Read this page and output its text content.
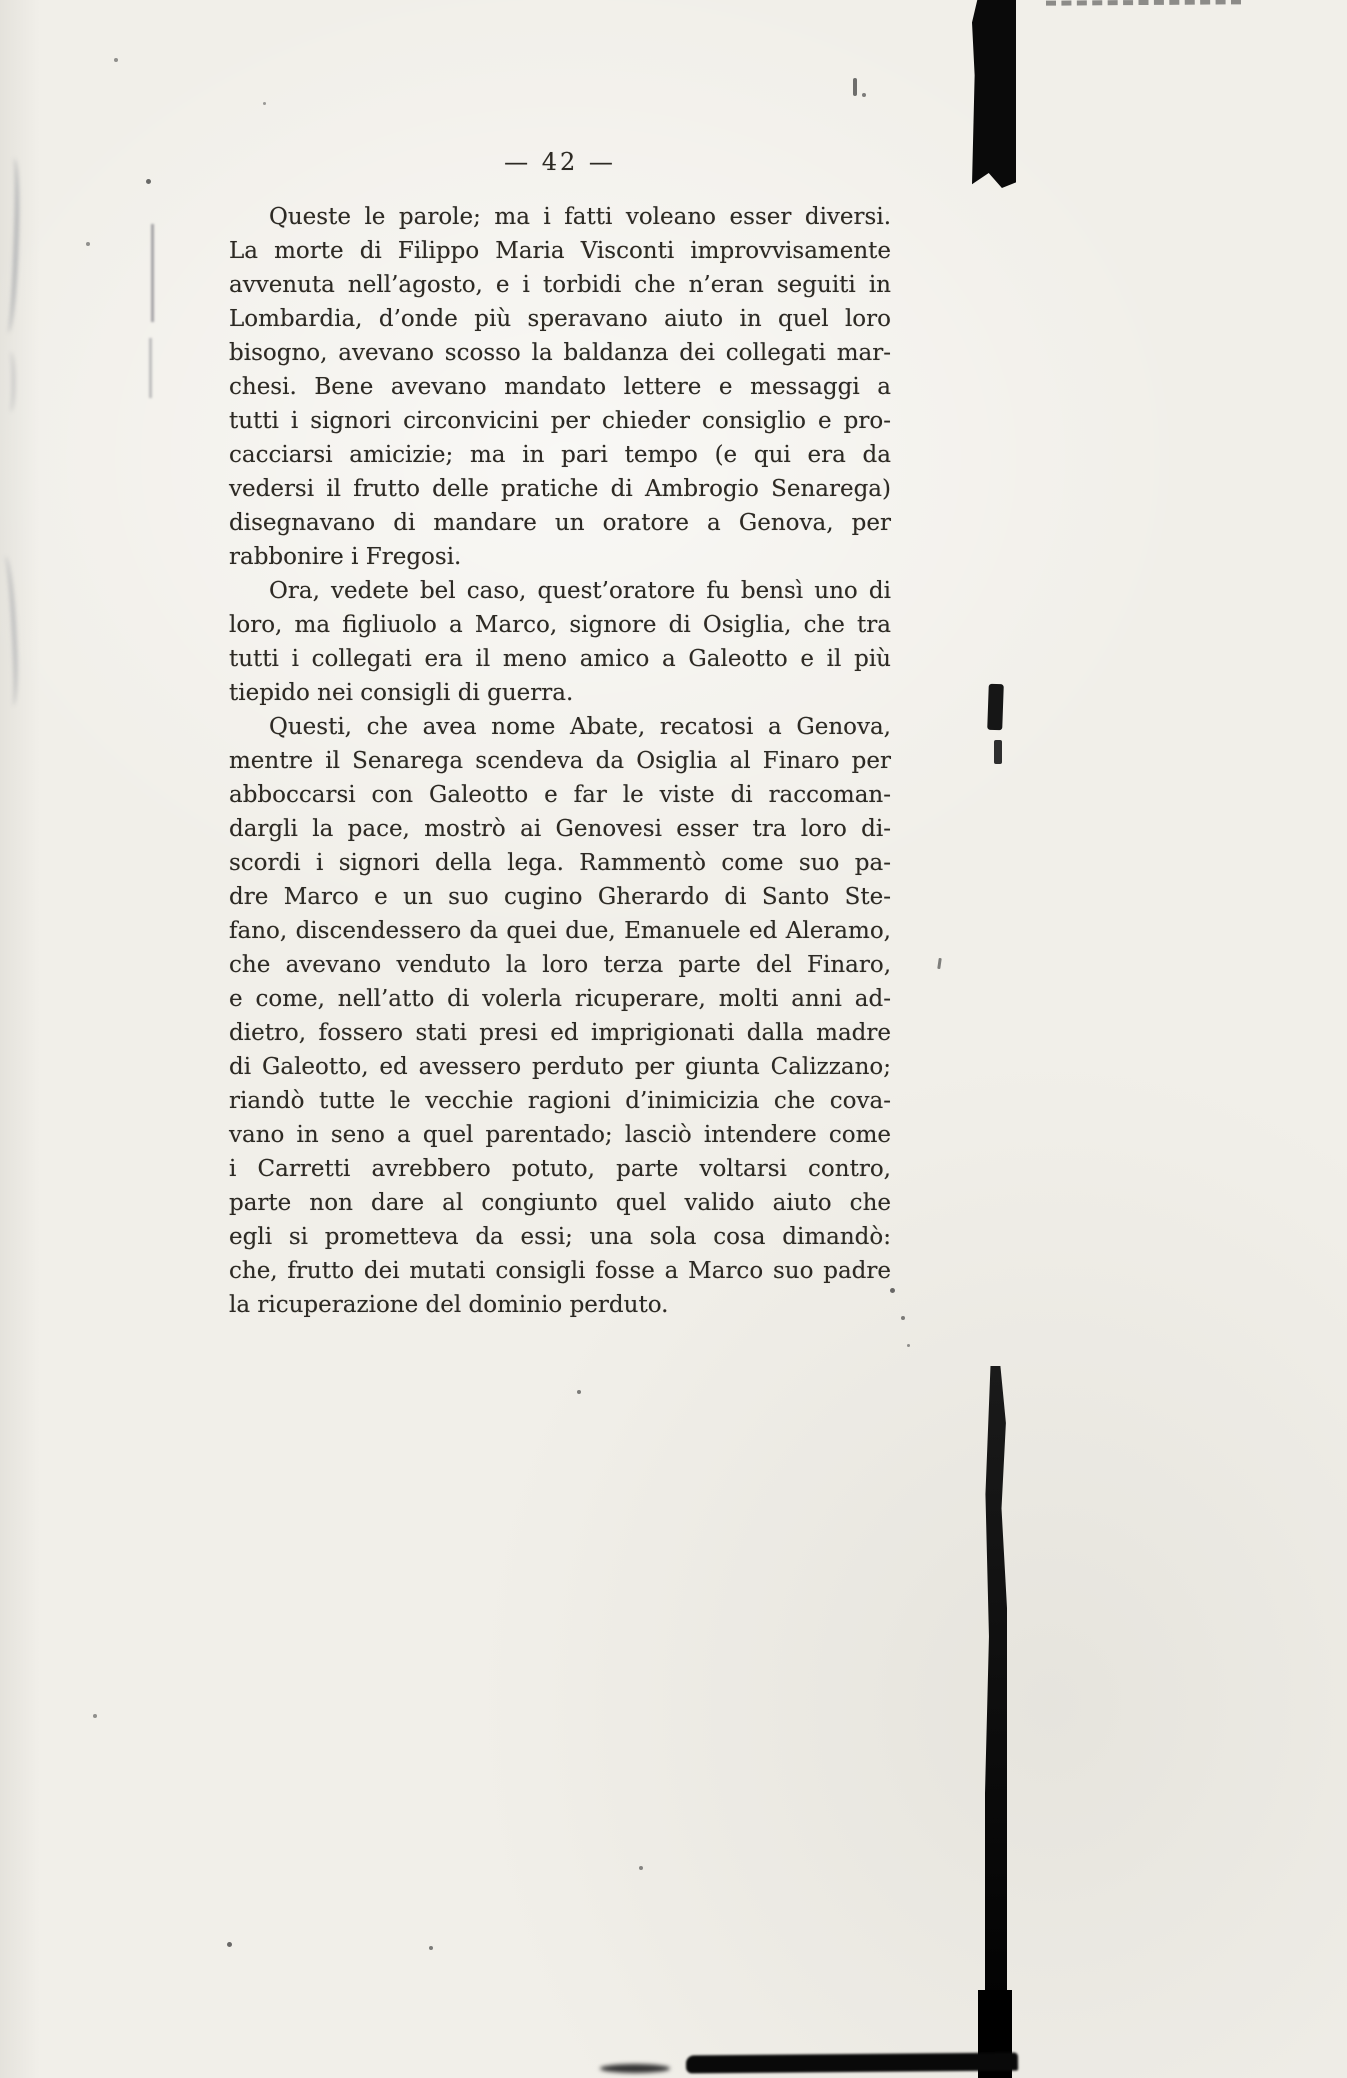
— 42 —
Queste le parole; ma i fatti voleano esser diversi.
La morte di Filippo Maria Visconti improvvisamente
avvenuta nell’agosto, e i torbidi che n’eran seguiti in
Lombardia, d’onde più speravano aiuto in quel loro
bisogno, avevano scosso la baldanza dei collegati mar-
chesi. Bene avevano mandato lettere e messaggi a
tutti i signori circonvicini per chieder consiglio e pro-
cacciarsi amicizie; ma in pari tempo (e qui era da
vedersi il frutto delle pratiche di Ambrogio Senarega)
disegnavano di mandare un oratore a Genova, per
rabbonire i Fregosi.
Ora, vedete bel caso, quest’oratore fu bensì uno di
loro, ma figliuolo a Marco, signore di Osiglia, che tra
tutti i collegati era il meno amico a Galeotto e il più
tiepido nei consigli di guerra.
Questi, che avea nome Abate, recatosi a Genova,
mentre il Senarega scendeva da Osiglia al Finaro per
abboccarsi con Galeotto e far le viste di raccoman-
dargli la pace, mostrò ai Genovesi esser tra loro di-
scordi i signori della lega. Rammentò come suo pa-
dre Marco e un suo cugino Gherardo di Santo Ste-
fano, discendessero da quei due, Emanuele ed Aleramo,
che avevano venduto la loro terza parte del Finaro,
e come, nell’atto di volerla ricuperare, molti anni ad-
dietro, fossero stati presi ed imprigionati dalla madre
di Galeotto, ed avessero perduto per giunta Calizzano;
riandò tutte le vecchie ragioni d’inimicizia che cova-
vano in seno a quel parentado; lasciò intendere come
i Carretti avrebbero potuto, parte voltarsi contro,
parte non dare al congiunto quel valido aiuto che
egli si prometteva da essi; una sola cosa dimandò:
che, frutto dei mutati consigli fosse a Marco suo padre
la ricuperazione del dominio perduto.
